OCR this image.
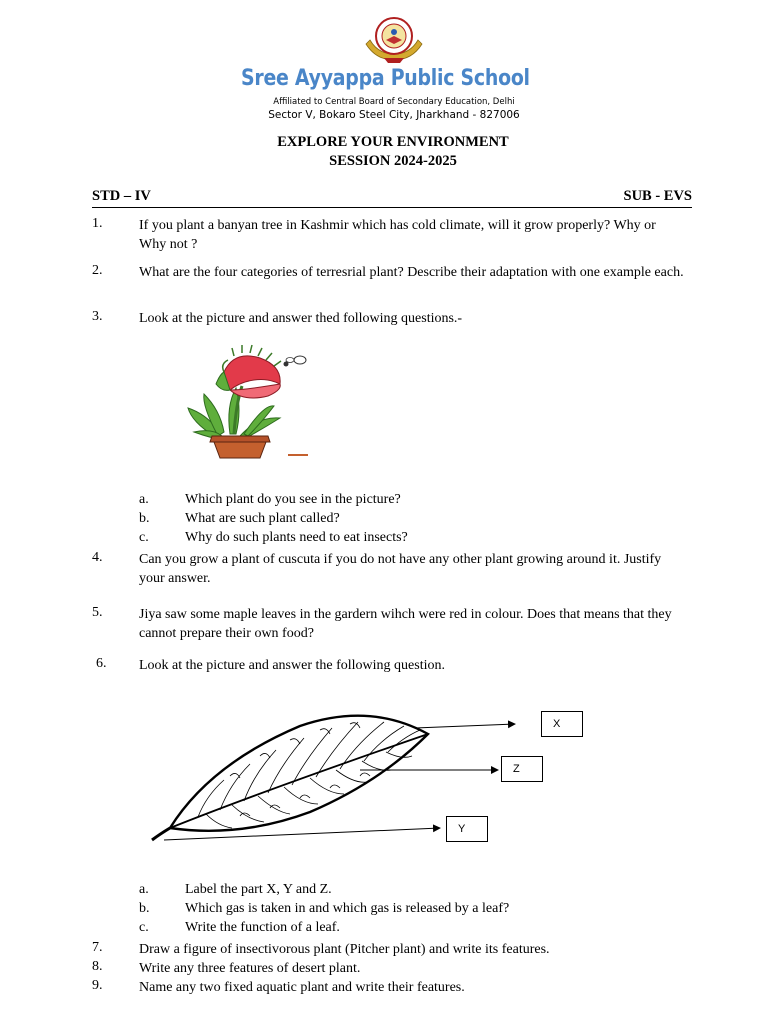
Sree Ayyappa Public School
Affiliated to Central Board of Secondary Education, Delhi
Sector V, Bokaro Steel City, Jharkhand - 827006
EXPLORE YOUR ENVIRONMENT
SESSION 2024-2025
STD – IV	SUB - EVS
1.	If you plant a banyan tree in Kashmir which has cold climate, will it grow properly? Why or Why not ?
2.	What are the four categories of terresrial plant? Describe their adaptation with one example each.
3.	Look at the picture and answer thed following questions.-
a.	Which plant do you see in the picture?
b.	What are such plant called?
c.	Why do such plants need to eat insects?
4.	Can you grow a plant of cuscuta if you do not have any other plant growing around it. Justify your answer.
5.	Jiya saw some maple leaves in the gardern wihch were red in colour. Does that means that they cannot prepare their own food?
6. Look at the picture and answer the following question.
X
Z
Y
a.	Label the part X, Y and Z.
b.	Which gas is taken in and which gas is released by a leaf?
c.	Write the function of a leaf.
7.	Draw a figure of insectivorous plant (Pitcher plant) and write its features.
8.	Write any three features of desert plant.
9.	Name any two fixed aquatic plant and write their features.
